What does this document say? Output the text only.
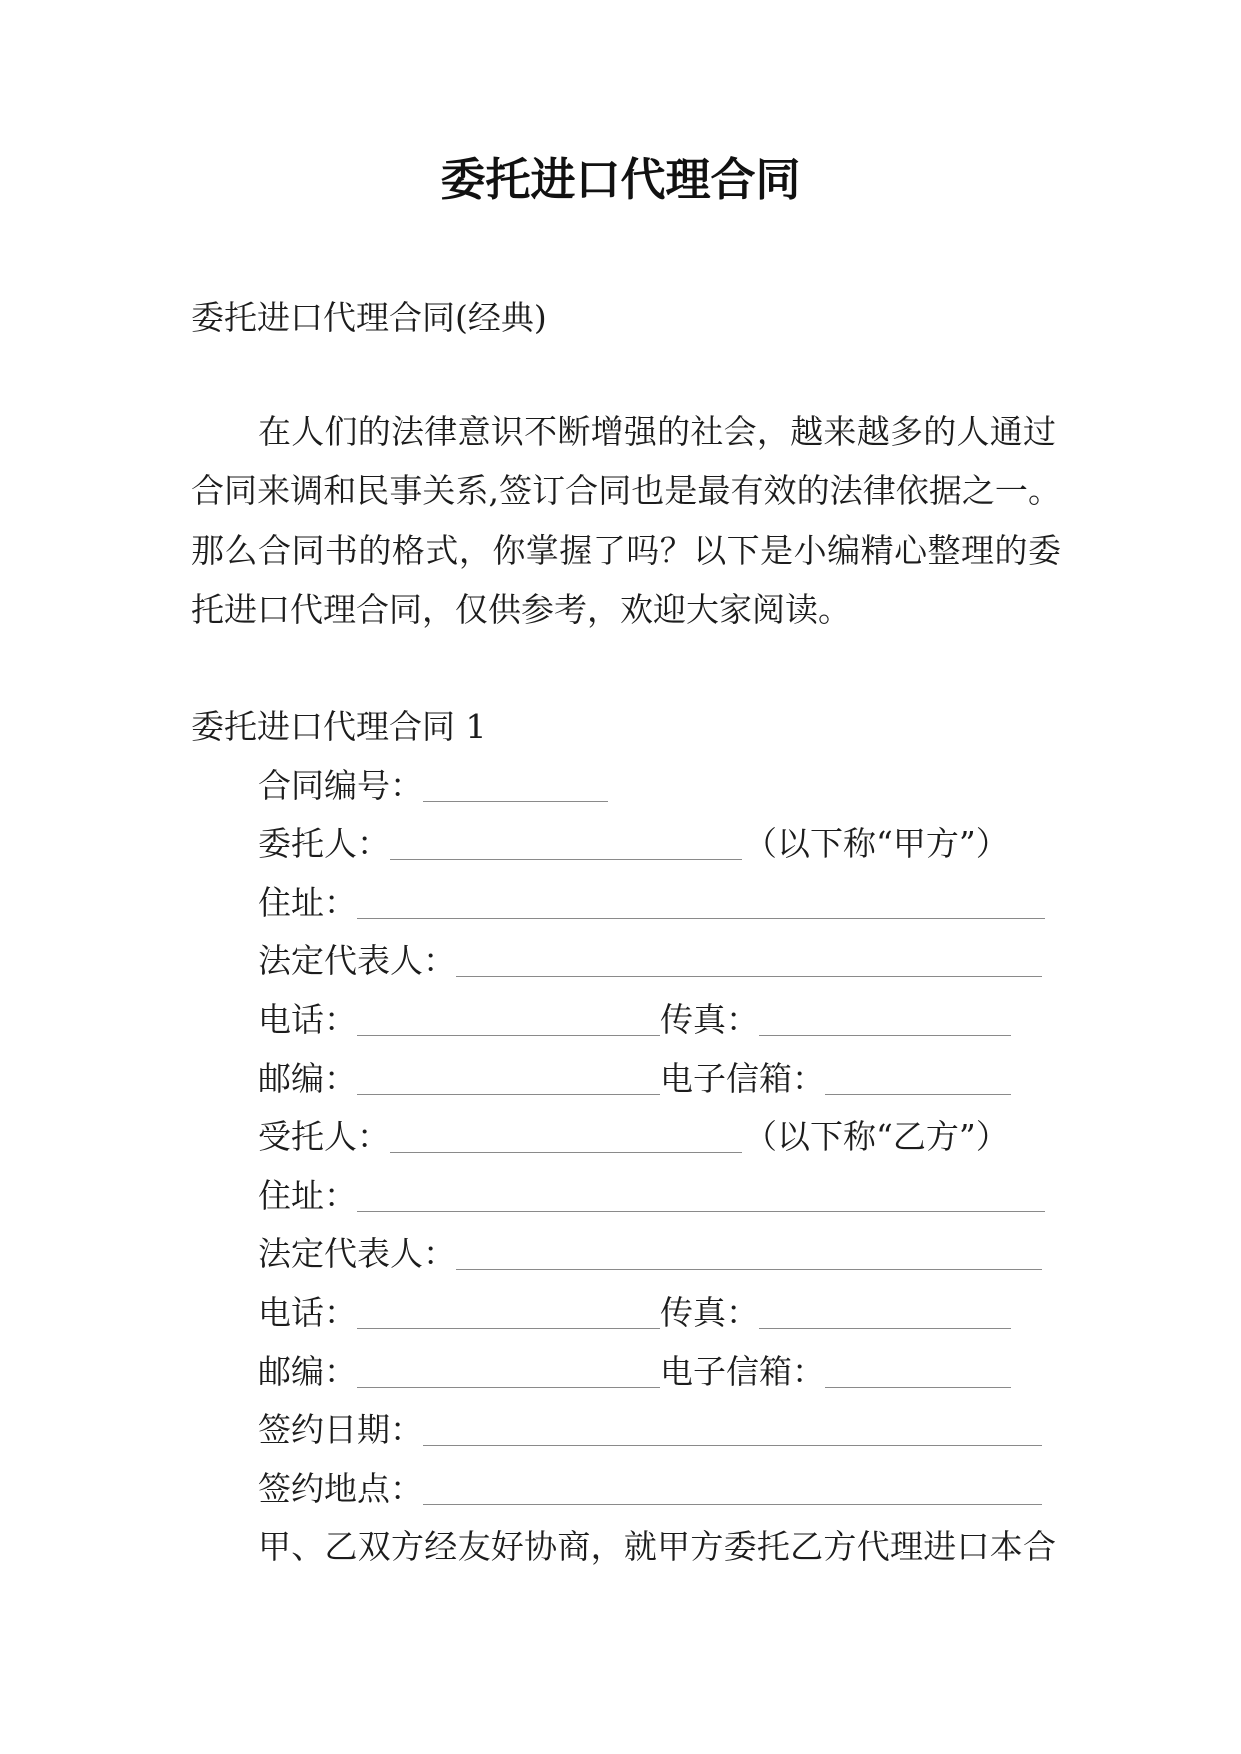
委托进口代理合同
委托进口代理合同(经典)
在人们的法律意识不断增强的社会，越来越多的人通过
合同来调和民事关系,签订合同也是最有效的法律依据之一。
那么合同书的格式，你掌握了吗？以下是小编精心整理的委
托进口代理合同，仅供参考，欢迎大家阅读。
委托进口代理合同 1
合同编号：
委托人：	（以下称“甲方”）
住址：
法定代表人：
电话：	传真：
邮编：	电子信箱：
受托人：	（以下称“乙方”）
住址：
法定代表人：
电话：	传真：
邮编：	电子信箱：
签约日期：
签约地点：
甲、乙双方经友好协商，就甲方委托乙方代理进口本合
